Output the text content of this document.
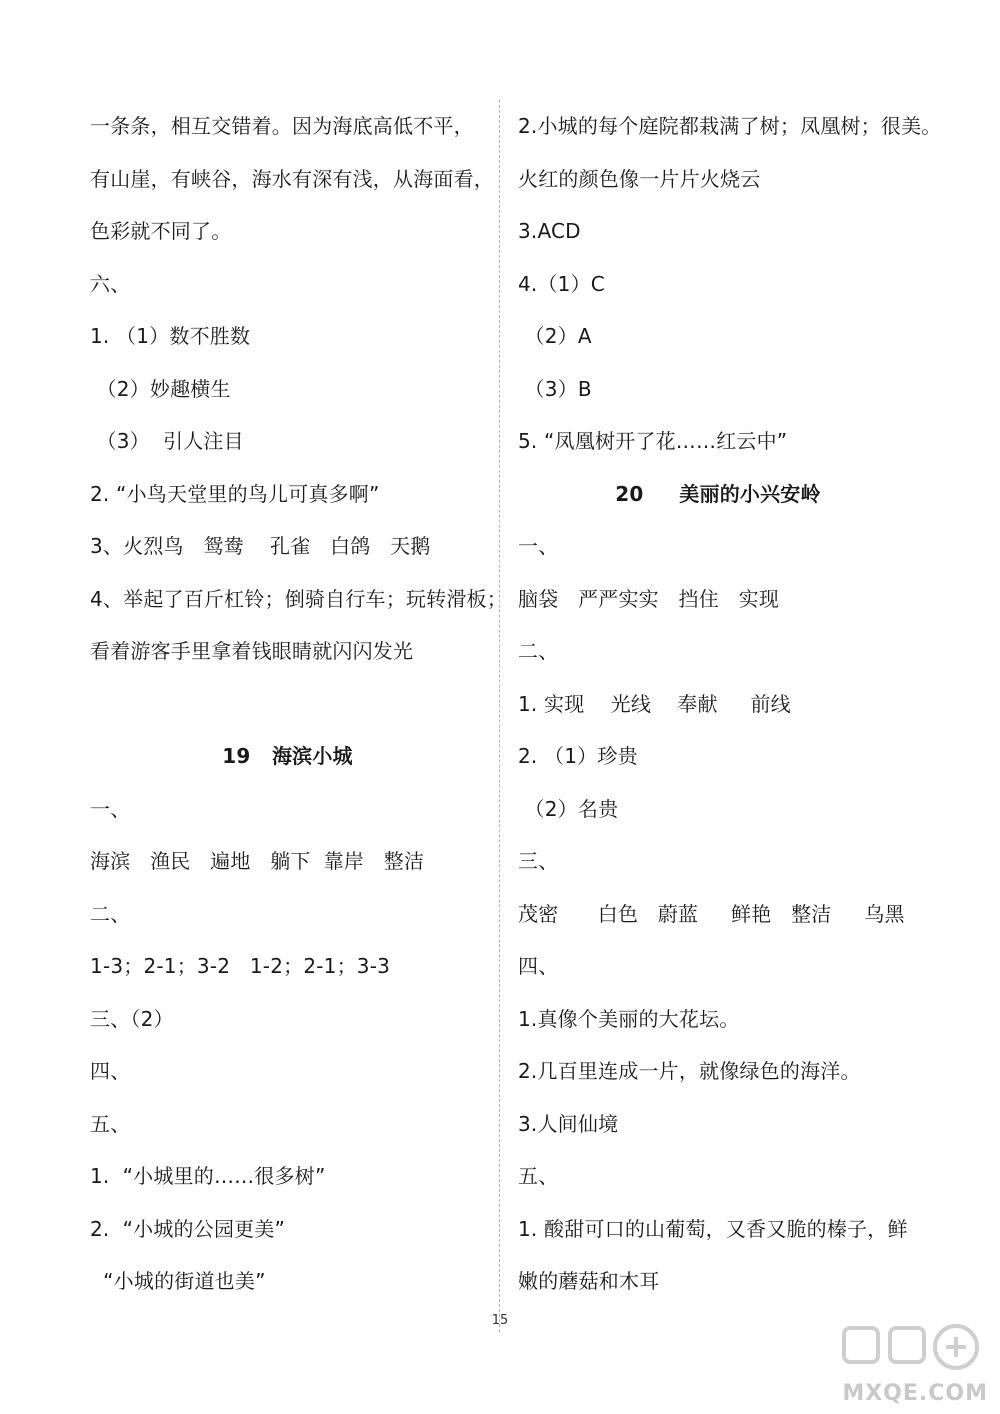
一条条，相互交错着。因为海底高低不平，
有山崖，有峡谷，海水有深有浅，从海面看，
色彩就不同了。
六、
1. （1）数不胜数
（2）妙趣横生
（3）  引人注目
2. “小鸟天堂里的鸟儿可真多啊”
3、火烈鸟   鸳鸯    孔雀   白鸽   天鹅
4、举起了百斤杠铃；倒骑自行车；玩转滑板；
看着游客手里拿着钱眼睛就闪闪发光
19   海滨小城
一、
海滨   渔民   遍地   躺下  靠岸   整洁
二、
1-3；2-1；3-2   1-2；2-1；3-3
三、（2）
四、
五、
1.  “小城里的……很多树”
2.  “小城的公园更美”
“小城的街道也美”
2.小城的每个庭院都栽满了树；凤凰树；很美。
火红的颜色像一片片火烧云
3.ACD
4.（1）C
（2）A
（3）B
5. “凤凰树开了花……红云中”
20     美丽的小兴安岭
一、
脑袋   严严实实   挡住   实现
二、
1. 实现    光线    奉献     前线
2. （1）珍贵
（2）名贵
三、
茂密      白色   蔚蓝     鲜艳   整洁     乌黑
四、
1.真像个美丽的大花坛。
2.几百里连成一片，就像绿色的海洋。
3.人间仙境
五、
1. 酸甜可口的山葡萄，又香又脆的榛子，鲜
嫩的蘑菇和木耳
15
MXQE.COM
